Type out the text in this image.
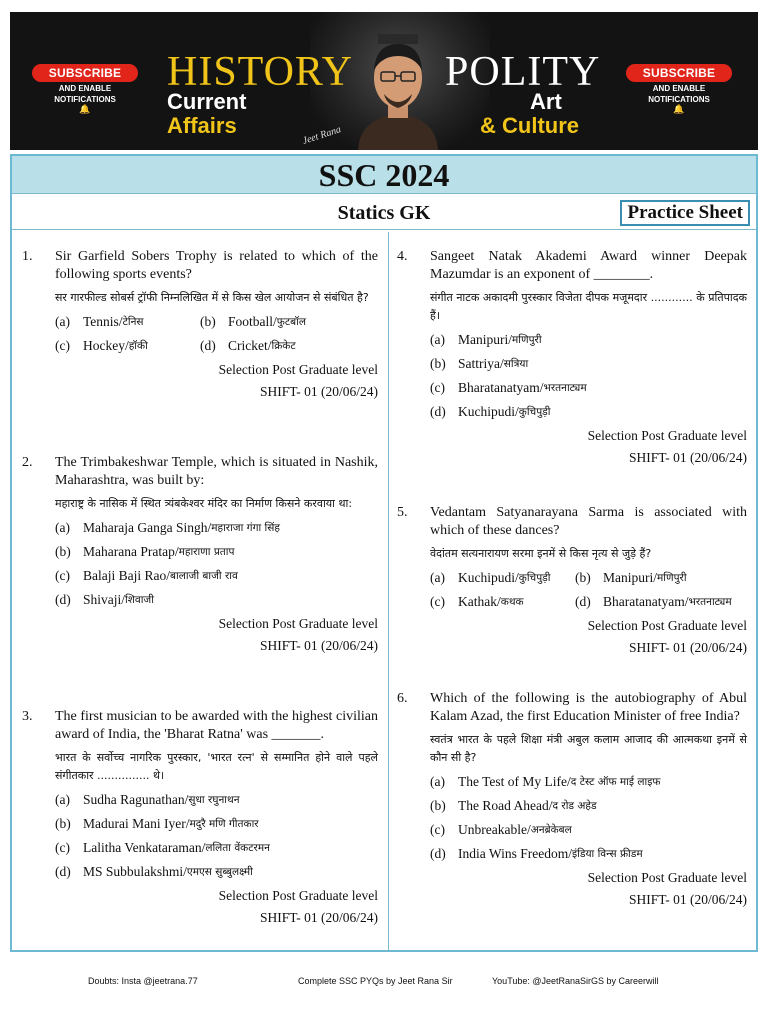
SUBSCRIBE
AND ENABLE
NOTIFICATIONS
🔔
HISTORY
Current
Affairs	Jeet Rana
POLITY
Art
& Culture
SUBSCRIBE
AND ENABLE
NOTIFICATIONS
🔔
SSC 2024
Statics GK	Practice Sheet
1. Sir Garfield Sobers Trophy is related to which of the following sports events?
सर गारफील्ड सोबर्स ट्रॉफी निम्नलिखित में से किस खेल आयोजन से संबंधित है?
(a) Tennis/ टेनिस	(b) Football/ फुटबॉल
(c) Hockey/ हॉकी	(d) Cricket/ क्रिकेट
Selection Post Graduate level
SHIFT- 01 (20/06/24)
2. The Trimbakeshwar Temple, which is situated in Nashik, Maharashtra, was built by:
महाराष्ट्र के नासिक में स्थित त्र्यंबकेश्वर मंदिर का निर्माण किसने करवाया था:
(a) Maharaja Ganga Singh/ महाराजा गंगा सिंह
(b) Maharana Pratap/ महाराणा प्रताप
(c) Balaji Baji Rao/ बालाजी बाजी राव
(d) Shivaji/ शिवाजी
Selection Post Graduate level
SHIFT- 01 (20/06/24)
3. The first musician to be awarded with the highest civilian award of India, the 'Bharat Ratna' was _______.
भारत के सर्वोच्च नागरिक पुरस्कार, 'भारत रत्न' से सम्मानित होने वाले पहले संगीतकार ............... थे।
(a) Sudha Ragunathan/ सुधा रघुनाथन
(b) Madurai Mani Iyer/ मदुरै मणि गीतकार
(c) Lalitha Venkataraman/ ललिता वेंकटरमन
(d) MS Subbulakshmi/ एमएस सुब्बुलक्ष्मी
Selection Post Graduate level
SHIFT- 01 (20/06/24)
4. Sangeet Natak Akademi Award winner Deepak Mazumdar is an exponent of ________.
संगीत नाटक अकादमी पुरस्कार विजेता दीपक मजूमदार ............ के प्रतिपादक हैं।
(a) Manipuri/ मणिपुरी
(b) Sattriya/ सत्रिया
(c) Bharatanatyam/ भरतनाट्यम
(d) Kuchipudi/ कुचिपुड़ी
Selection Post Graduate level
SHIFT- 01 (20/06/24)
5. Vedantam Satyanarayana Sarma is associated with which of these dances?
वेदांतम सत्यनारायण सरमा इनमें से किस नृत्य से जुड़े हैं?
(a) Kuchipudi/ कुचिपुड़ी (b) Manipuri/ मणिपुरी
(c) Kathak/ कथक	(d) Bharatanatyam/ भरतनाट्यम
Selection Post Graduate level
SHIFT- 01 (20/06/24)
6. Which of the following is the autobiography of Abul Kalam Azad, the first Education Minister of free India?
स्वतंत्र भारत के पहले शिक्षा मंत्री अबुल कलाम आजाद की आत्मकथा इनमें से कौन सी है?
(a) The Test of My Life/ द टेस्ट ऑफ माई लाइफ
(b) The Road Ahead/ द रोड अहेड
(c) Unbreakable/ अनब्रेकेबल
(d) India Wins Freedom/ इंडिया विन्स फ्रीडम
Selection Post Graduate level
SHIFT- 01 (20/06/24)
Doubts: Insta @jeetrana.77	Complete SSC PYQs by Jeet Rana Sir	YouTube: @JeetRanaSirGS by Careerwill
